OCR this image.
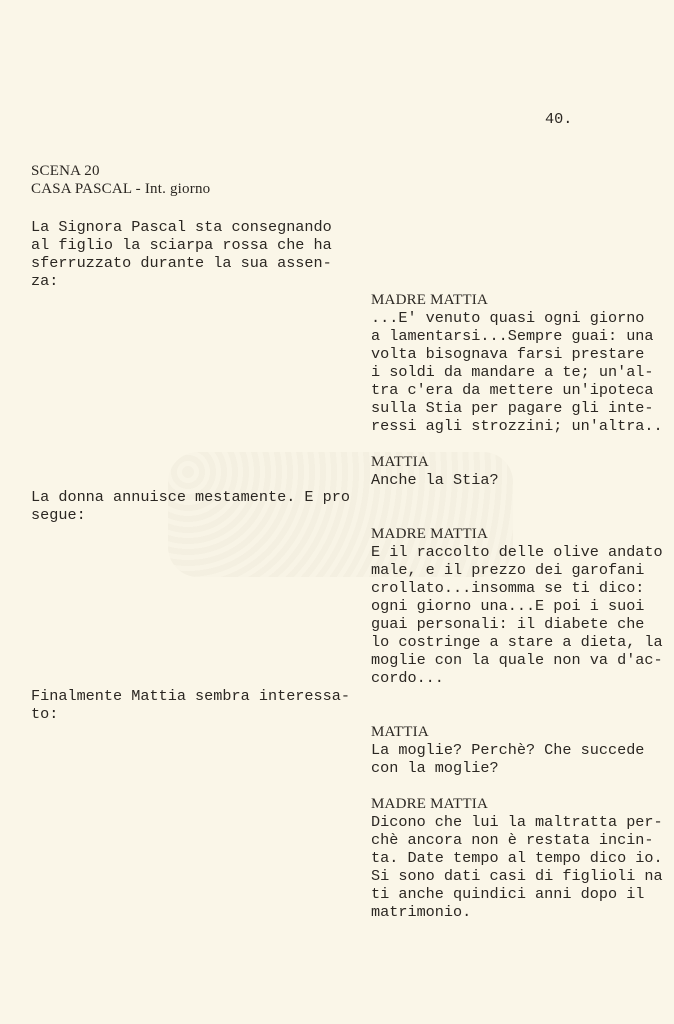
40.
SCENA 20
CASA PASCAL - Int. giorno
La Signora Pascal sta consegnando
al figlio la sciarpa rossa che ha
sferruzzato durante la sua assen-
za:
La donna annuisce mestamente. E pro
segue:
Finalmente Mattia sembra interessa-
to:
MADRE MATTIA
...E' venuto quasi ogni giorno
a lamentarsi...Sempre guai: una
volta bisognava farsi prestare
i soldi da mandare a te; un'al-
tra c'era da mettere un'ipoteca
sulla Stia per pagare gli inte-
ressi agli strozzini; un'altra..
MATTIA
Anche la Stia?
MADRE MATTIA
E il raccolto delle olive andato
male, e il prezzo dei garofani
crollato...insomma se ti dico:
ogni giorno una...E poi i suoi
guai personali: il diabete che
lo costringe a stare a dieta, la
moglie con la quale non va d'ac-
cordo...
MATTIA
La moglie? Perchè? Che succede
con la moglie?
MADRE MATTIA
Dicono che lui la maltratta per-
chè ancora non è restata incin-
ta. Date tempo al tempo dico io.
Si sono dati casi di figlioli na
ti anche quindici anni dopo il
matrimonio.
